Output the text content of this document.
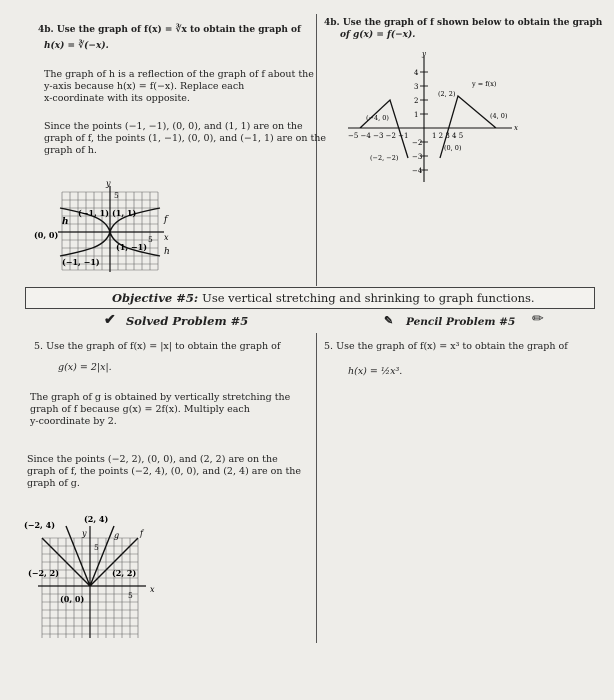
4b. Use the graph of f(x) = ∛x to obtain the graph of
h(x) = ∛(−x).
The graph of h is a reflection of the graph of f about the
y-axis because h(x) = f(−x). Replace each
x-coordinate with its opposite.
Since the points (−1, −1), (0, 0), and (1, 1) are on the
graph of f, the points (1, −1), (0, 0), and (−1, 1) are on the
graph of h.
y
5
f
h
5 x
h
(1, 1)
(−1, 1)
(0, 0)
(1, −1)
(−1, −1)
4b. Use the graph of f shown below to obtain the graph
of g(x) = f(−x).
y
x
4
3
2
1
−2
−3
−4
−5 −4 −3 −2 −1	1 2 3 4 5
y = f(x)
(2, 2)
(4, 0)
(−4, 0)
(0, 0)
(−2, −2)
Objective #5: Use vertical stretching and shrinking to graph functions.
✔ Solved Problem #5	✎ Pencil Problem #5 ✏
5. Use the graph of f(x) = |x| to obtain the graph of
g(x) = 2|x|.
The graph of g is obtained by vertically stretching the
graph of f because g(x) = 2f(x). Multiply each
y-coordinate by 2.
Since the points (−2, 2), (0, 0), and (2, 2) are on the
graph of f, the points (−2, 4), (0, 0), and (2, 4) are on the
graph of g.
y
x
g	f
5
5
(−2, 4)
(2, 4)
(−2, 2)	(2, 2)
(0, 0)
5. Use the graph of f(x) = x³ to obtain the graph of
h(x) = ½x³.
